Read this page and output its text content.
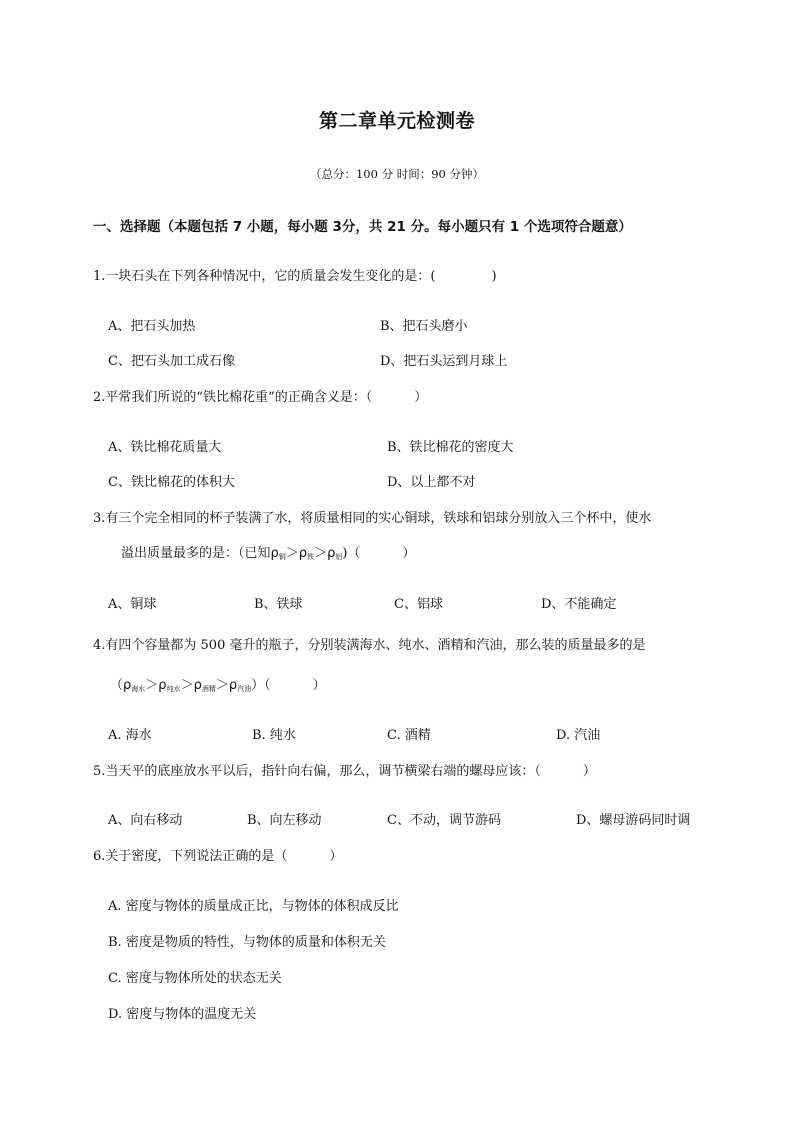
第二章单元检测卷
（总分：100 分 时间：90 分钟）
一、选择题（本题包括 7 小题，每小题 3分，共 21 分。每小题只有 1 个选项符合题意）
1.一块石头在下列各种情况中，它的质量会发生变化的是：(	)
A、把石头加热	B、把石头磨小
C、把石头加工成石像	D、把石头运到月球上
2.平常我们所说的“铁比棉花重”的正确含义是：（	）
A、铁比棉花质量大	B、铁比棉花的密度大
C、铁比棉花的体积大	D、以上都不对
3.有三个完全相同的杯子装满了水，将质量相同的实心铜球，铁球和铝球分别放入三个杯中，使水
溢出质量最多的是：（已知$\rho_铜>\rho_铁>\rho_铝$)（	）
A、铜球	B、铁球	C、铝球	D、不能确定
4.有四个容量都为 500 毫升的瓶子，分别装满海水、纯水、酒精和汽油，那么装的质量最多的是
$(\rho_{海水}>\rho_{纯水}>\rho_{酒精}>\rho_{汽油})$（	）
A. 海水	B. 纯水	C. 酒精	D. 汽油
5.当天平的底座放水平以后，指针向右偏，那么，调节横梁右端的螺母应该：（	）
A、向右移动	B、向左移动	C、不动，调节游码	D、螺母游码同时调
6.关于密度，下列说法正确的是（	）
A. 密度与物体的质量成正比，与物体的体积成反比
B. 密度是物质的特性，与物体的质量和体积无关
C. 密度与物体所处的状态无关
D. 密度与物体的温度无关
